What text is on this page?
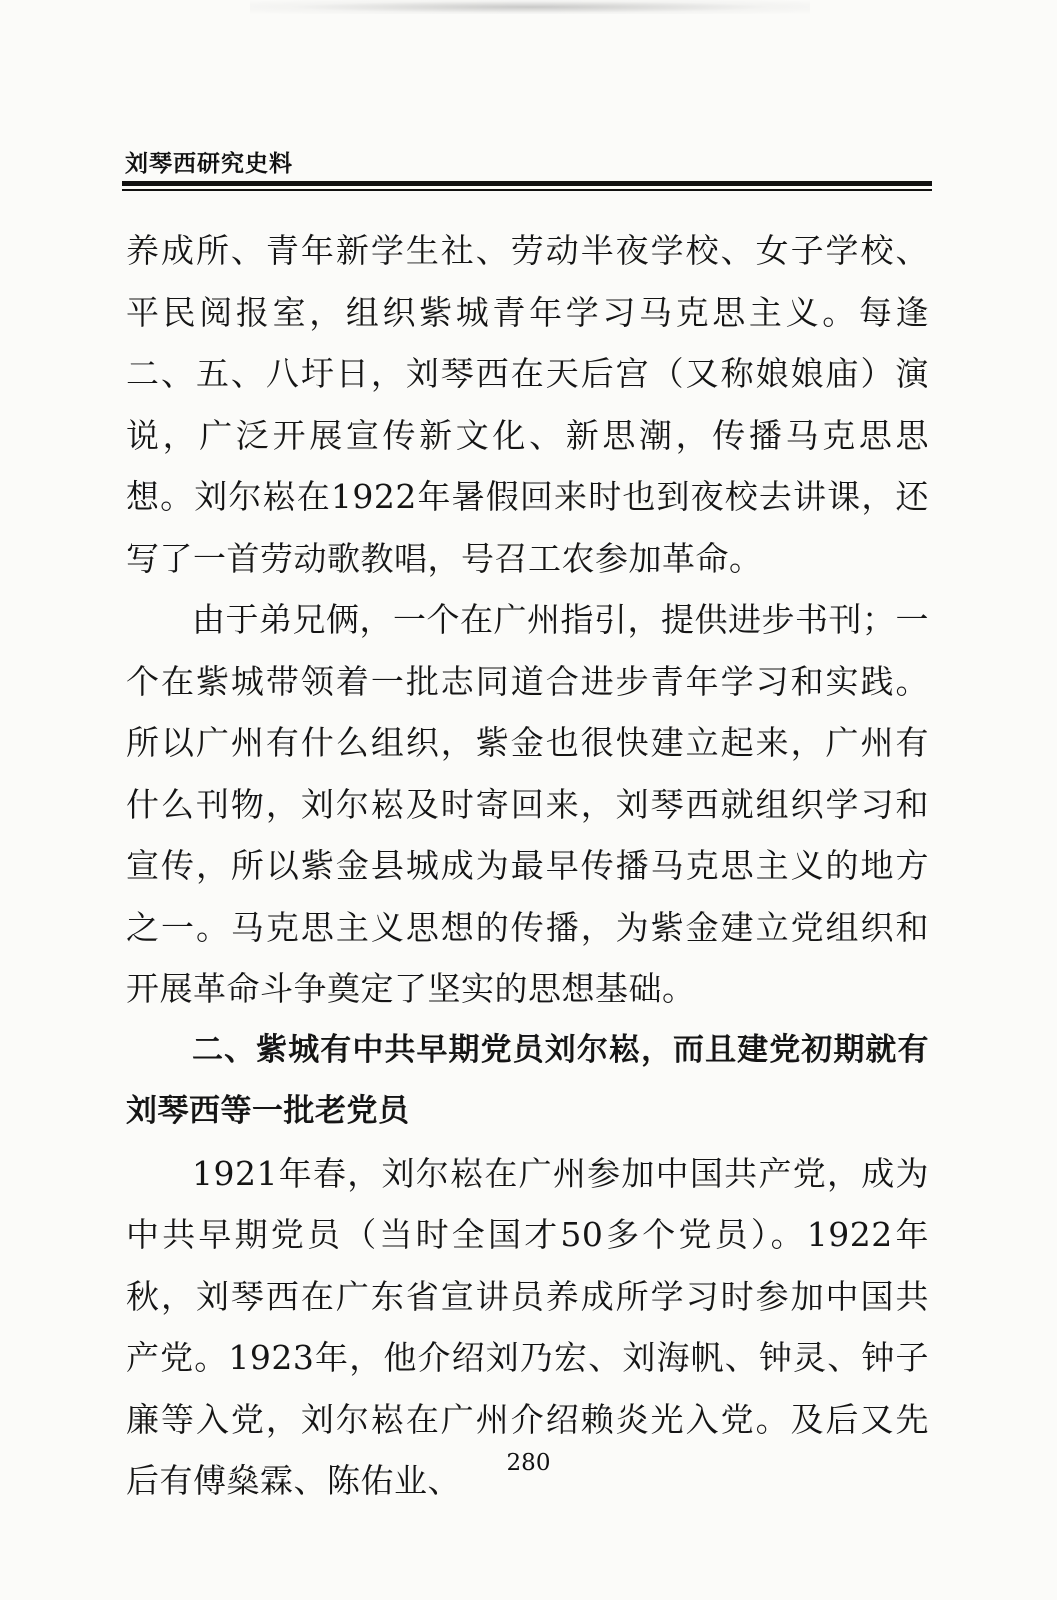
刘琴西研究史料

养成所、青年新学生社、劳动半夜学校、女子学校、平民阅报室，组织紫城青年学习马克思主义。每逢二、五、八圩日，刘琴西在天后宫（又称娘娘庙）演说，广泛开展宣传新文化、新思潮，传播马克思思想。刘尔崧在1922年暑假回来时也到夜校去讲课，还写了一首劳动歌教唱，号召工农参加革命。

由于弟兄俩，一个在广州指引，提供进步书刊；一个在紫城带领着一批志同道合进步青年学习和实践。所以广州有什么组织，紫金也很快建立起来，广州有什么刊物，刘尔崧及时寄回来，刘琴西就组织学习和宣传，所以紫金县城成为最早传播马克思主义的地方之一。马克思主义思想的传播，为紫金建立党组织和开展革命斗争奠定了坚实的思想基础。

二、紫城有中共早期党员刘尔崧，而且建党初期就有刘琴西等一批老党员

1921年春，刘尔崧在广州参加中国共产党，成为中共早期党员（当时全国才50多个党员）。1922年秋，刘琴西在广东省宣讲员养成所学习时参加中国共产党。1923年，他介绍刘乃宏、刘海帆、钟灵、钟子廉等入党，刘尔崧在广州介绍赖炎光入党。及后又先后有傅燊霖、陈佑业、	280
